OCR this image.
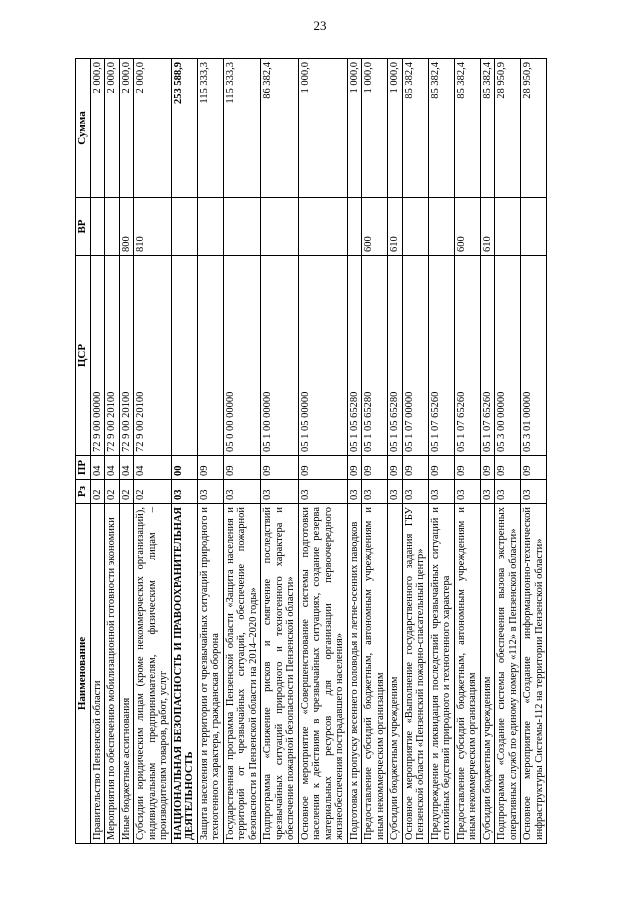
23
Наименование	Рз	ПР	ЦСР	ВР	Сумма
Правительство Пензенской области	02	04	72 9 00 00000		2 000,0
Мероприятия по обеспечению мобилизационной готовности экономики	02	04	72 9 00 20100		2 000,0
Иные бюджетные ассигнования	02	04	72 9 00 20100	800	2 000,0
Субсидии юридическим лицам (кроме некоммерческих организаций), индивидуальным предпринимателям, физическим лицам – производителям товаров, работ, услуг	02	04	72 9 00 20100	810	2 000,0
НАЦИОНАЛЬНАЯ БЕЗОПАСНОСТЬ И ПРАВООХРАНИТЕЛЬНАЯ ДЕЯТЕЛЬНОСТЬ	03	00			253 588,9
Защита населения и территории от чрезвычайных ситуаций природного и техногенного характера, гражданская оборона	03	09			115 333,3
Государственная программа Пензенской области «Защита населения и территорий от чрезвычайных ситуаций, обеспечение пожарной безопасности в Пензенской области на 2014–2020 годы»	03	09	05 0 00 00000		115 333,3
Подпрограмма «Снижение рисков и смягчение последствий чрезвычайных ситуаций природного и техногенного характера и обеспечение пожарной безопасности Пензенской области»	03	09	05 1 00 00000		86 382,4
Основное мероприятие «Совершенствование системы подготовки населения к действиям в чрезвычайных ситуациях, создание резерва материальных ресурсов для организации первоочередного жизнеобеспечения пострадавшего населения»	03	09	05 1 05 00000		1 000,0
Подготовка к пропуску весеннего половодья и летне-осенних паводков	03	09	05 1 05 65280		1 000,0
Предоставление субсидий бюджетным, автономным учреждениям и иным некоммерческим организациям	03	09	05 1 05 65280	600	1 000,0
Субсидии бюджетным учреждениям	03	09	05 1 05 65280	610	1 000,0
Основное мероприятие «Выполнение государственного задания ГБУ Пензенской области «Пензенский пожарно-спасательный центр»	03	09	05 1 07 00000		85 382,4
Предупреждение и ликвидация последствий чрезвычайных ситуаций и стихийных бедствий природного и техногенного характера	03	09	05 1 07 65260		85 382,4
Предоставление субсидий бюджетным, автономным учреждениям и иным некоммерческим организациям	03	09	05 1 07 65260	600	85 382,4
Субсидии бюджетным учреждениям	03	09	05 1 07 65260	610	85 382,4
Подпрограмма «Создание системы обеспечения вызова экстренных оперативных служб по единому номеру «112» в Пензенской области»	03	09	05 3 00 00000		28 950,9
Основное мероприятие «Создание информационно-технической инфраструктуры Системы-112 на территории Пензенской области»	03	09	05 3 01 00000		28 950,9
